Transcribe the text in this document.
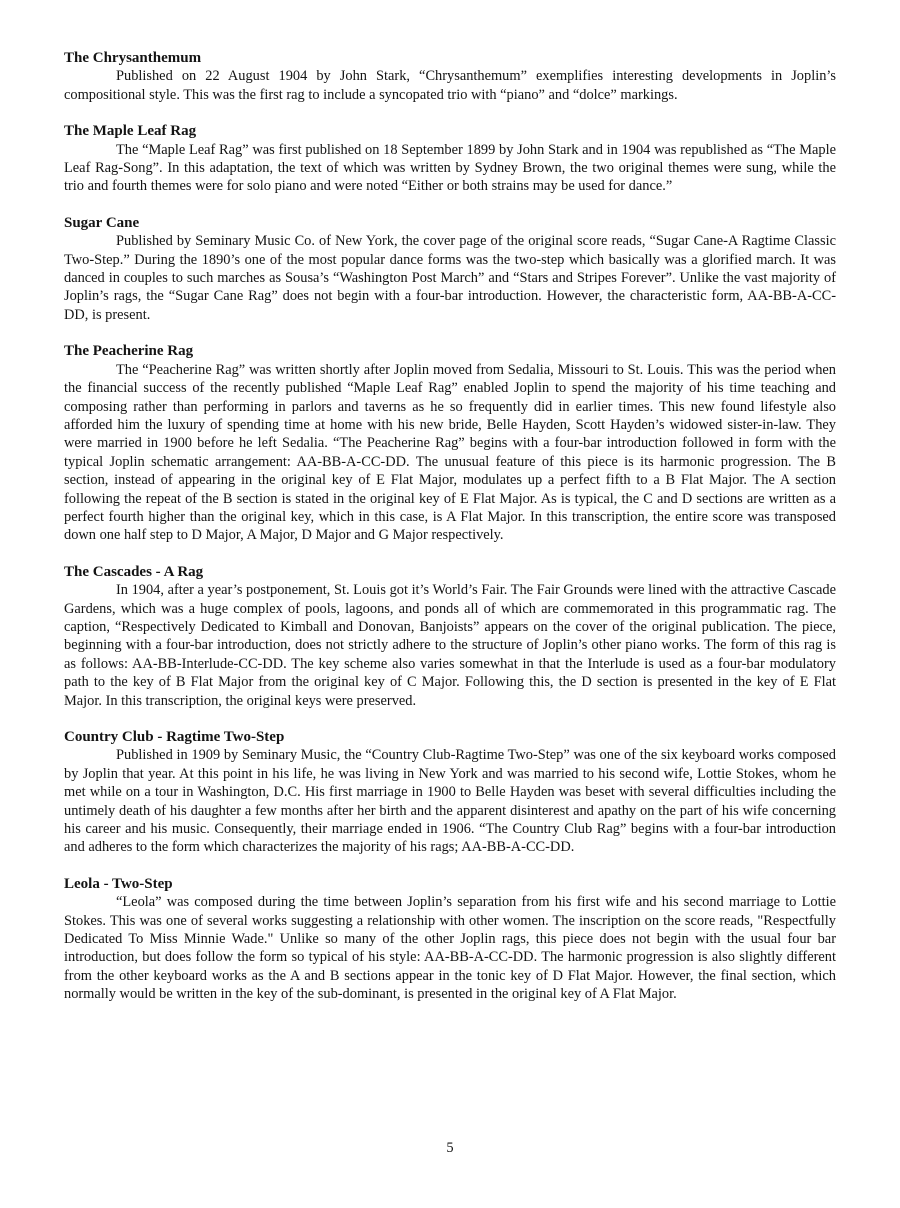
The Chrysanthemum

Published on 22 August 1904 by John Stark, “Chrysanthemum” exemplifies interesting developments in Joplin’s compositional style. This was the first rag to include a syncopated trio with “piano” and “dolce” markings.

The Maple Leaf Rag

The “Maple Leaf Rag” was first published on 18 September 1899 by John Stark and in 1904 was republished as “The Maple Leaf Rag-Song”. In this adaptation, the text of which was written by Sydney Brown, the two original themes were sung, while the trio and fourth themes were for solo piano and were noted “Either or both strains may be used for dance.”

Sugar Cane

Published by Seminary Music Co. of New York, the cover page of the original score reads, “Sugar Cane-A Ragtime Classic Two-Step.” During the 1890’s one of the most popular dance forms was the two-step which basically was a glorified march. It was danced in couples to such marches as Sousa’s “Washington Post March” and “Stars and Stripes Forever”. Unlike the vast majority of Joplin’s rags, the “Sugar Cane Rag” does not begin with a four-bar introduction. However, the characteristic form, AA-BB-A-CC-DD, is present.

The Peacherine Rag

The “Peacherine Rag” was written shortly after Joplin moved from Sedalia, Missouri to St. Louis. This was the period when the financial success of the recently published “Maple Leaf Rag” enabled Joplin to spend the majority of his time teaching and composing rather than performing in parlors and taverns as he so frequently did in earlier times. This new found lifestyle also afforded him the luxury of spending time at home with his new bride, Belle Hayden, Scott Hayden’s widowed sister-in-law. They were married in 1900 before he left Sedalia. “The Peacherine Rag” begins with a four-bar introduction followed in form with the typical Joplin schematic arrangement: AA-BB-A-CC-DD. The unusual feature of this piece is its harmonic progression. The B section, instead of appearing in the original key of E Flat Major, modulates up a perfect fifth to a B Flat Major. The A section following the repeat of the B section is stated in the original key of E Flat Major. As is typical, the C and D sections are written as a perfect fourth higher than the original key, which in this case, is A Flat Major. In this transcription, the entire score was transposed down one half step to D Major, A Major, D Major and G Major respectively.

The Cascades - A Rag

In 1904, after a year’s postponement, St. Louis got it’s World’s Fair. The Fair Grounds were lined with the attractive Cascade Gardens, which was a huge complex of pools, lagoons, and ponds all of which are commemorated in this programmatic rag. The caption, “Respectively Dedicated to Kimball and Donovan, Banjoists” appears on the cover of the original publication. The piece, beginning with a four-bar introduction, does not strictly adhere to the structure of Joplin’s other piano works. The form of this rag is as follows: AA-BB-Interlude-CC-DD. The key scheme also varies somewhat in that the Interlude is used as a four-bar modulatory path to the key of B Flat Major from the original key of C Major. Following this, the D section is presented in the key of E Flat Major. In this transcription, the original keys were preserved.

Country Club - Ragtime Two-Step

Published in 1909 by Seminary Music, the “Country Club-Ragtime Two-Step” was one of the six keyboard works composed by Joplin that year. At this point in his life, he was living in New York and was married to his second wife, Lottie Stokes, whom he met while on a tour in Washington, D.C. His first marriage in 1900 to Belle Hayden was beset with several difficulties including the untimely death of his daughter a few months after her birth and the apparent disinterest and apathy on the part of his wife concerning his career and his music. Consequently, their marriage ended in 1906. “The Country Club Rag” begins with a four-bar introduction and adheres to the form which characterizes the majority of his rags; AA-BB-A-CC-DD.

Leola - Two-Step

“Leola” was composed during the time between Joplin’s separation from his first wife and his second marriage to Lottie Stokes. This was one of several works suggesting a relationship with other women. The inscription on the score reads, "Respectfully Dedicated To Miss Minnie Wade." Unlike so many of the other Joplin rags, this piece does not begin with the usual four bar introduction, but does follow the form so typical of his style: AA-BB-A-CC-DD. The harmonic progression is also slightly different from the other keyboard works as the A and B sections appear in the tonic key of D Flat Major. However, the final section, which normally would be written in the key of the sub-dominant, is presented in the original key of A Flat Major.

5
